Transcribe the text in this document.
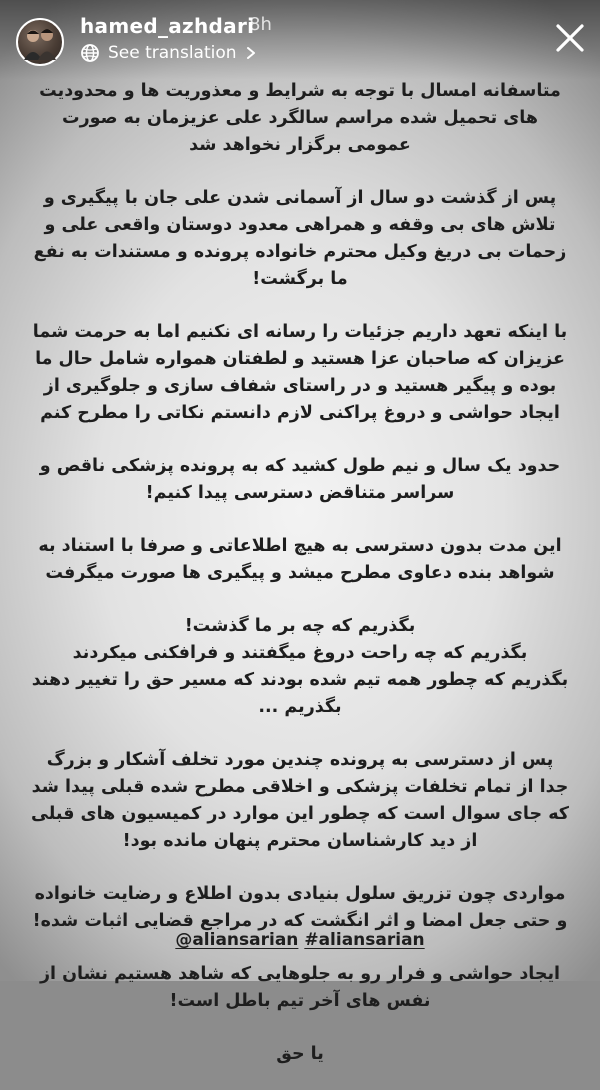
hamed_azhdari
8h
See translation

متاسفانه امسال با توجه به شرایط و معذوریت ها و محدودیت های تحمیل شده مراسم سالگرد علی عزیزمان به صورت عمومی برگزار نخواهد شد

پس از گذشت دو سال از آسمانی شدن علی جان با پیگیری و تلاش های بی وقفه و همراهی معدود دوستان واقعی علی و زحمات بی دریغ وکیل محترم خانواده پرونده و مستندات به نفع ما برگشت!

با اینکه تعهد داریم جزئیات را رسانه ای نکنیم اما به حرمت شما عزیزان که صاحبان عزا هستید و لطفتان همواره شامل حال ما بوده و پیگیر هستید و در راستای شفاف سازی و جلوگیری از ایجاد حواشی و دروغ پراکنی لازم دانستم نکاتی را مطرح کنم

حدود یک سال و نیم طول کشید که به پرونده پزشکی ناقص و سراسر متناقض دسترسی پیدا کنیم!

این مدت بدون دسترسی به هیچ اطلاعاتی و صرفا با استناد به شواهد بنده دعاوی مطرح میشد و پیگیری ها صورت میگرفت

بگذریم که چه بر ما گذشت!
بگذریم که چه راحت دروغ میگفتند و فرافکنی میکردند
بگذریم که چطور همه تیم شده بودند که مسیر حق را تغییر دهند
بگذریم ...

پس از دسترسی به پرونده چندین مورد تخلف آشکار و بزرگ جدا از تمام تخلفات پزشکی و اخلاقی مطرح شده قبلی پیدا شد که جای سوال است که چطور این موارد در کمیسیون های قبلی از دید کارشناسان محترم پنهان مانده بود!

مواردی چون تزریق سلول بنیادی بدون اطلاع و رضایت خانواده و حتی جعل امضا و اثر انگشت که در مراجع قضایی اثبات شده!

ایجاد حواشی و فرار رو به جلوهایی که شاهد هستیم نشان از نفس های آخر تیم باطل است!

یا حق

@aliansarian #aliansarian
